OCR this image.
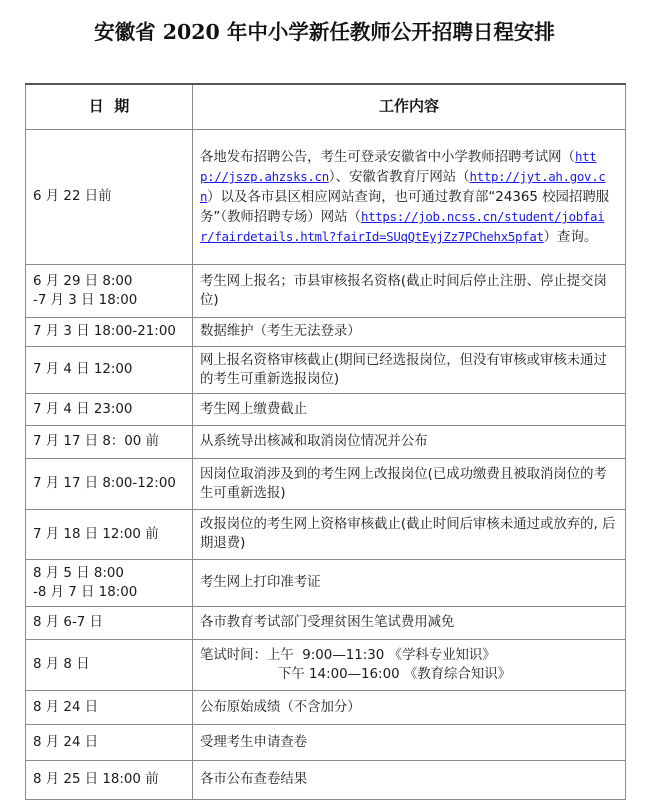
安徽省 2020 年中小学新任教师公开招聘日程安排
日  期	工作内容
6 月 22 日前	各地发布招聘公告，考生可登录安徽省中小学教师招聘考试网（http://jszp.ahzsks.cn）、安徽省教育厅网站（http://jyt.ah.gov.cn）以及各市县区相应网站查询，也可通过教育部“24365 校园招聘服务”（教师招聘专场）网站（https://job.ncss.cn/student/jobfair/fairdetails.html?fairId=SUqQtEyjZz7PChehx5pfat）查询。

6 月 29 日 8:00
-7 月 3 日 18:00	考生网上报名；市县审核报名资格(截止时间后停止注册、停止提交岗位)
7 月 3 日 18:00-21:00	数据维护（考生无法登录）
7 月 4 日 12:00	网上报名资格审核截止(期间已经选报岗位，但没有审核或审核未通过的考生可重新选报岗位)
7 月 4 日 23:00	考生网上缴费截止
7 月 17 日 8：00 前	从系统导出核减和取消岗位情况并公布
7 月 17 日 8:00-12:00	因岗位取消涉及到的考生网上改报岗位(已成功缴费且被取消岗位的考生可重新选报)
7 月 18 日 12:00 前	改报岗位的考生网上资格审核截止(截止时间后审核未通过或放弃的, 后期退费)

8 月 5 日 8:00
-8 月 7 日 18:00	考生网上打印准考证
8 月 6-7 日	各市教育考试部门受理贫困生笔试费用减免
8 月 8 日	笔试时间：上午  9:00—11:30 《学科专业知识》
下午 14:00—16:00 《教育综合知识》

8 月 24 日	公布原始成绩（不含加分）
8 月 24 日	受理考生申请查卷
8 月 25 日 18:00 前	各市公布查卷结果
